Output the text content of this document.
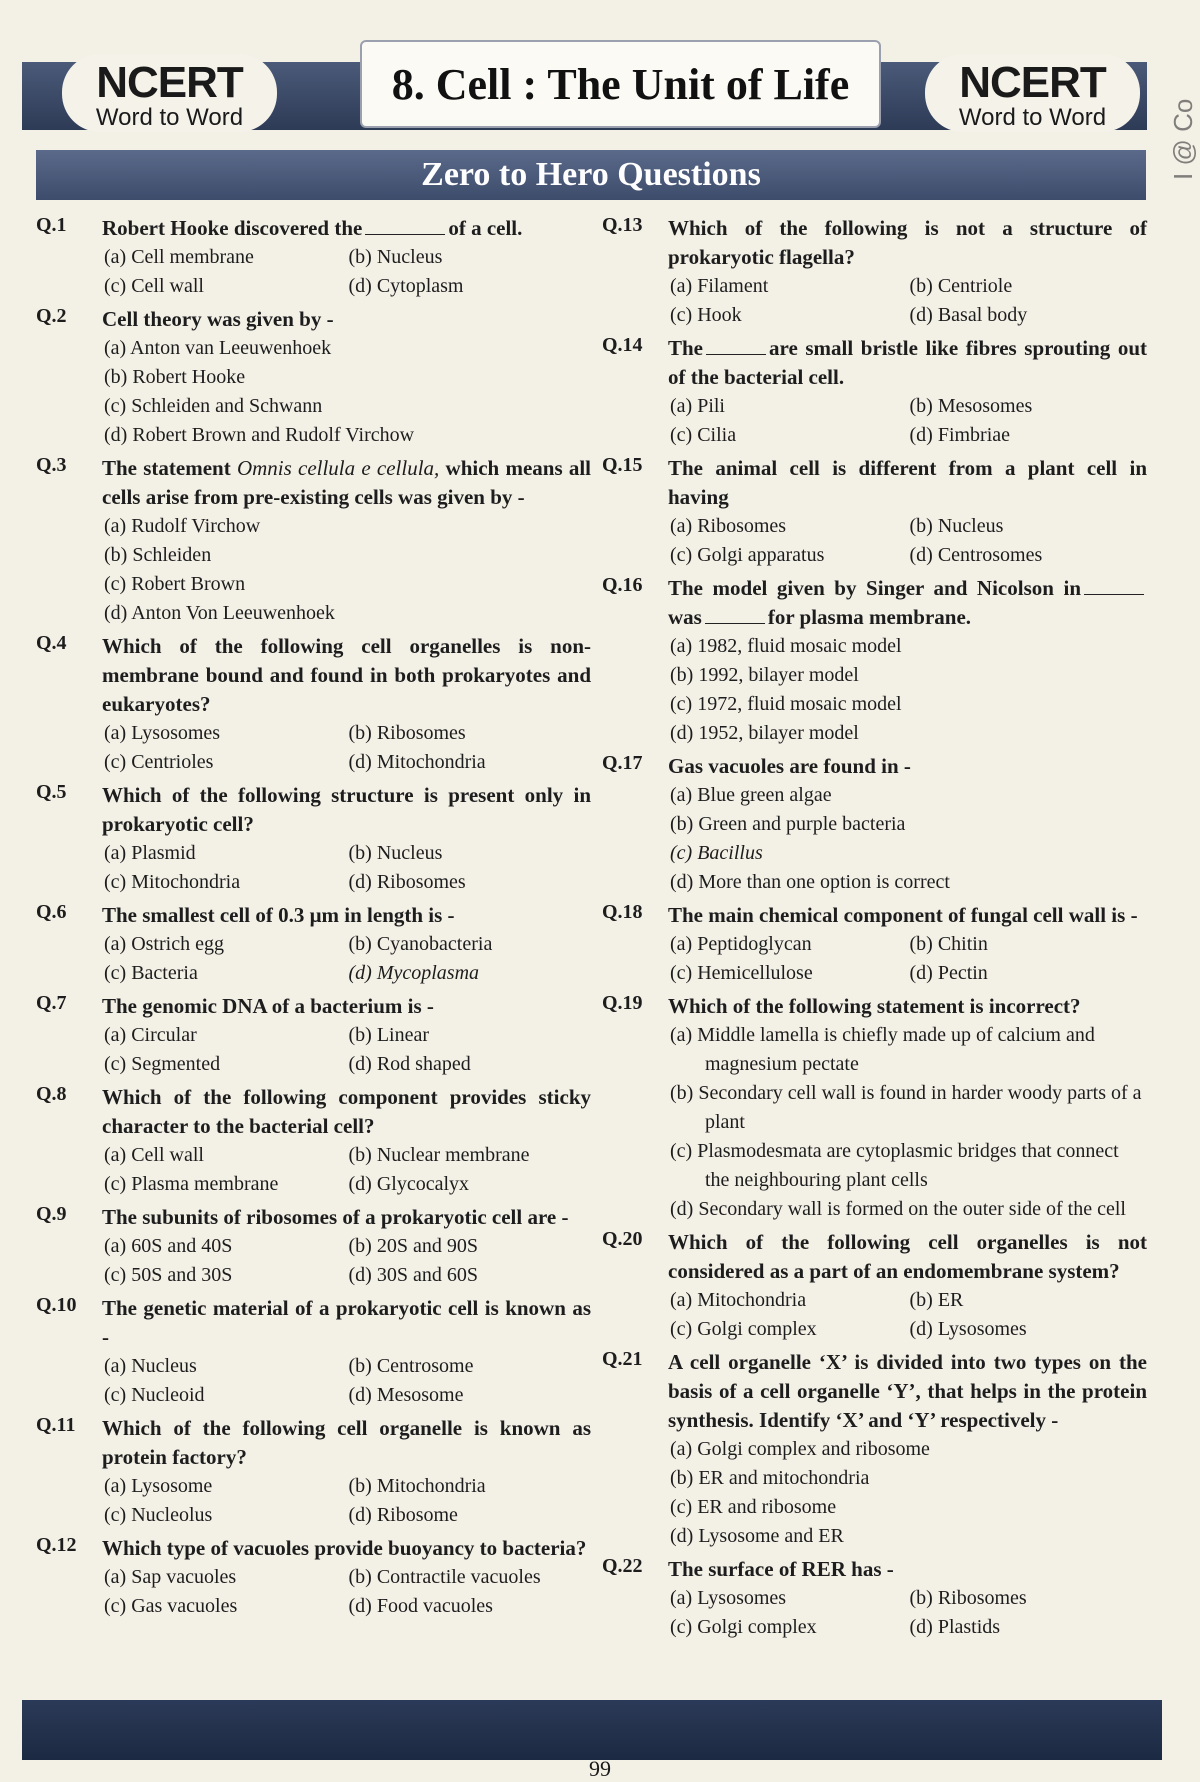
NCERT
Word to Word
8. Cell : The Unit of Life	NCERT
Word to Word	I @ Co
Zero to Hero Questions
Q.1	Robert Hooke discovered the	of a cell.
(a) Cell membrane	(b) Nucleus
(c) Cell wall	(d) Cytoplasm
Q.2	Cell theory was given by -
(a) Anton van Leeuwenhoek
(b) Robert Hooke
(c) Schleiden and Schwann
(d) Robert Brown and Rudolf Virchow
Q.3	The statement Omnis cellula e cellula, which means all cells arise from pre-existing cells was given by -
(a) Rudolf Virchow
(b) Schleiden
(c) Robert Brown
(d) Anton Von Leeuwenhoek
Q.4	Which of the following cell organelles is non-membrane bound and found in both prokaryotes and eukaryotes?
(a) Lysosomes	(b) Ribosomes
(c) Centrioles	(d) Mitochondria
Q.5	Which of the following structure is present only in prokaryotic cell?
(a) Plasmid	(b) Nucleus
(c) Mitochondria	(d) Ribosomes
Q.6	The smallest cell of 0.3 μm in length is -
(a) Ostrich egg	(b) Cyanobacteria
(c) Bacteria	(d) Mycoplasma
Q.7	The genomic DNA of a bacterium is -
(a) Circular	(b) Linear
(c) Segmented	(d) Rod shaped
Q.8	Which of the following component provides sticky character to the bacterial cell?
(a) Cell wall	(b) Nuclear membrane
(c) Plasma membrane	(d) Glycocalyx
Q.9	The subunits of ribosomes of a prokaryotic cell are -
(a) 60S and 40S	(b) 20S and 90S
(c) 50S and 30S	(d) 30S and 60S
Q.10	The genetic material of a prokaryotic cell is known as -
(a) Nucleus	(b) Centrosome
(c) Nucleoid	(d) Mesosome
Q.11	Which of the following cell organelle is known as protein factory?
(a) Lysosome	(b) Mitochondria
(c) Nucleolus	(d) Ribosome
Q.12	Which type of vacuoles provide buoyancy to bacteria?
(a) Sap vacuoles	(b) Contractile vacuoles
(c) Gas vacuoles	(d) Food vacuoles
Q.13	Which of the following is not a structure of prokaryotic flagella?
(a) Filament	(b) Centriole
(c) Hook	(d) Basal body
Q.14	The	are small bristle like fibres sprouting out of the bacterial cell.
(a) Pili	(b) Mesosomes
(c) Cilia	(d) Fimbriae
Q.15	The animal cell is different from a plant cell in having
(a) Ribosomes	(b) Nucleus
(c) Golgi apparatus	(d) Centrosomes
Q.16	The model given by Singer and Nicolson in was	for plasma membrane.
(a) 1982, fluid mosaic model
(b) 1992, bilayer model
(c) 1972, fluid mosaic model
(d) 1952, bilayer model
Q.17	Gas vacuoles are found in -
(a) Blue green algae
(b) Green and purple bacteria
(c) Bacillus
(d) More than one option is correct
Q.18	The main chemical component of fungal cell wall is -
(a) Peptidoglycan	(b) Chitin
(c) Hemicellulose	(d) Pectin
Q.19	Which of the following statement is incorrect?
(a) Middle lamella is chiefly made up of calcium and magnesium pectate
(b) Secondary cell wall is found in harder woody parts of a plant
(c) Plasmodesmata are cytoplasmic bridges that connect the neighbouring plant cells
(d) Secondary wall is formed on the outer side of the cell
Q.20	Which of the following cell organelles is not considered as a part of an endomembrane system?
(a) Mitochondria	(b) ER
(c) Golgi complex	(d) Lysosomes
Q.21	A cell organelle ‘X’ is divided into two types on the basis of a cell organelle ‘Y’, that helps in the protein synthesis. Identify ‘X’ and ‘Y’ respectively -
(a) Golgi complex and ribosome
(b) ER and mitochondria
(c) ER and ribosome
(d) Lysosome and ER
Q.22	The surface of RER has -
(a) Lysosomes	(b) Ribosomes
(c) Golgi complex	(d) Plastids
99
